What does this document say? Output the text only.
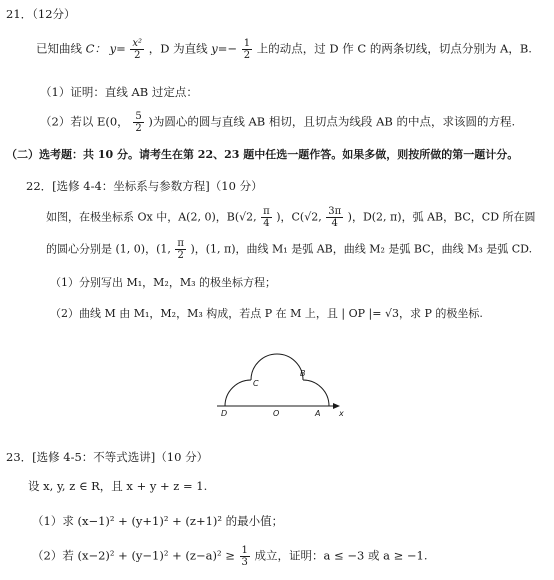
21．（12分）
已知曲线 C： $y= \frac{\text{x²}}{2}$ ，D 为直线 $y=- \frac{1}{2}$ 上的动点，过 D 作 C 的两条切线，切点分别为 A，B.
（1）证明：直线 AB 过定点：
（2）若以 E(0， $\frac{5}{2}$ )为圆心的圆与直线 AB 相切，且切点为线段 AB 的中点，求该圆的方程.
（二）选考题：共 10 分。请考生在第 22、23 题中任选一题作答。如果多做，则按所做的第一题计分。
22．[选修 4-4：坐标系与参数方程]（10 分）
如图，在极坐标系 Ox 中，A(2, 0)，B(√2, $\frac{\pi}{4}$ )，C(√2, $\frac{3\pi}{4}$ )，D(2, π)，弧 AB，BC，CD 所在圆
的圆心分别是 (1, 0)，(1, $\frac{\pi}{2}$ )，(1, π)，曲线 M₁ 是弧 AB，曲线 M₂ 是弧 BC，曲线 M₃ 是弧 CD.
（1）分别写出 M₁，M₂，M₃ 的极坐标方程；
（2）曲线 M 由 M₁，M₂，M₃ 构成，若点 P 在 M 上，且 | OP |= √3，求 P 的极坐标.
D	O	A x
B
C
23．[选修 4-5：不等式选讲]（10 分）
设 x, y, z ∈ R，且 x + y + z = 1.
（1）求 (x−1)² + (y+1)² + (z+1)² 的最小值；
（2）若 $(x-2)^2 + (y-1)^2 + (z-a)^2 \ge \frac{1}{3}$ 成立，证明：a ≤ −3 或 a ≥ −1.
